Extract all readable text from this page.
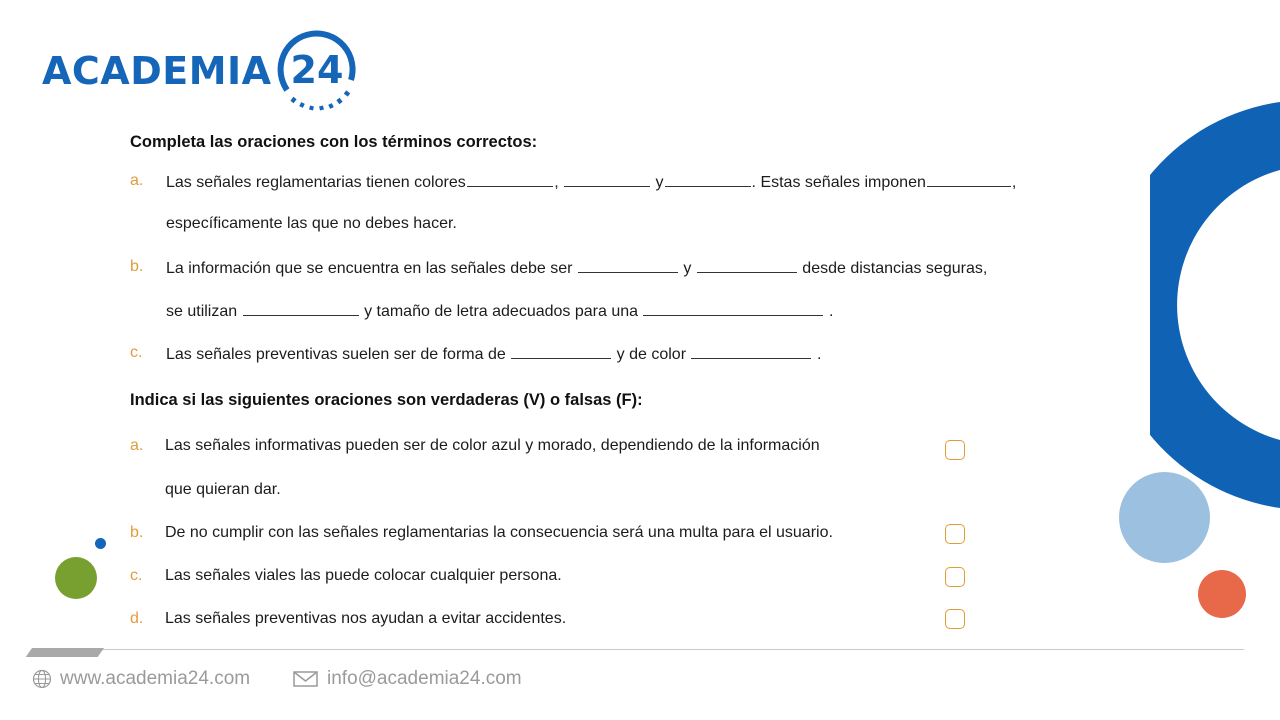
ACADEMIA 24
Completa las oraciones con los términos correctos:
a. Las señales reglamentarias tienen colores	,	y	. Estas señales imponen	,
específicamente las que no debes hacer.
b. La información que se encuentra en las señales debe ser	y	desde distancias seguras,
se utilizan	y tamaño de letra adecuados para una	.
c. Las señales preventivas suelen ser de forma de	y de color	.
Indica si las siguientes oraciones son verdaderas (V) o falsas (F):
a. Las señales informativas pueden ser de color azul y morado, dependiendo de la información
que quieran dar.
b. De no cumplir con las señales reglamentarias la consecuencia será una multa para el usuario.
c. Las señales viales las puede colocar cualquier persona.
d. Las señales preventivas nos ayudan a evitar accidentes.
www.academia24.com	info@academia24.com
